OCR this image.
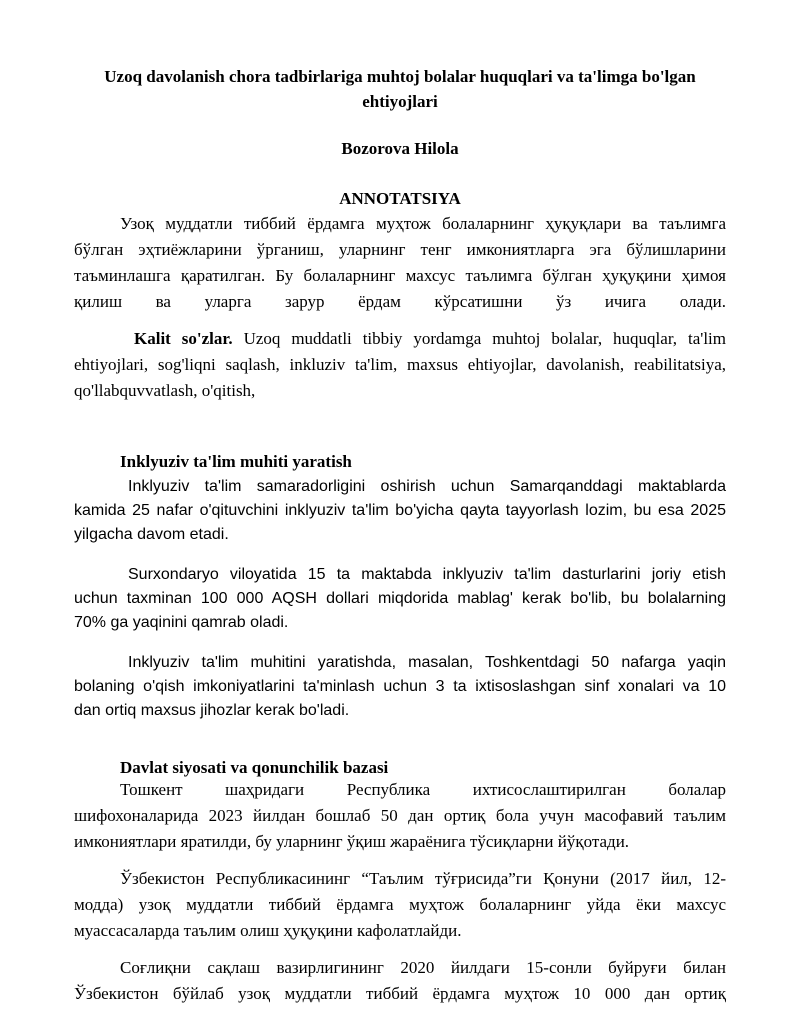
Uzoq davolanish chora tadbirlariga muhtoj bolalar huquqlari va ta'limga bo'lgan
ehtiyojlari

Bozorova Hilola

ANNOTATSIYA
Узоқ муддатли тиббий ёрдамга муҳтож болаларнинг ҳуқуқлари ва таълимга
бўлган эҳтиёжларини ўрганиш, уларнинг тенг имкониятларга эга бўлишларини
таъминлашга қаратилган. Бу болаларнинг махсус таълимга бўлган ҳуқуқини ҳимоя
қилиш ва уларга зарур ёрдам кўрсатишни ўз ичига олади.
Kalit so'zlar. Uzoq muddatli tibbiy yordamga muhtoj bolalar, huquqlar, ta'lim
ehtiyojlari, sog'liqni saqlash, inkluziv ta'lim, maxsus ehtiyojlar, davolanish, reabilitatsiya,
qo'llabquvvatlash, o'qitish,
Inklyuziv ta'lim muhiti yaratish
Inklyuziv ta'lim samaradorligini oshirish uchun Samarqanddagi maktablarda
kamida 25 nafar o'qituvchini inklyuziv ta'lim bo'yicha qayta tayyorlash lozim, bu esa 2025
yilgacha davom etadi.
Surxondaryo viloyatida 15 ta maktabda inklyuziv ta'lim dasturlarini joriy etish
uchun taxminan 100 000 AQSH dollari miqdorida mablag' kerak bo'lib, bu bolalarning
70% ga yaqinini qamrab oladi.
Inklyuziv ta'lim muhitini yaratishda, masalan, Toshkentdagi 50 nafarga yaqin
bolaning o'qish imkoniyatlarini ta'minlash uchun 3 ta ixtisoslashgan sinf xonalari va 10
dan ortiq maxsus jihozlar kerak bo'ladi.
Davlat siyosati va qonunchilik bazasi
Тошкент шаҳридаги Республика ихтисослаштирилган болалар
шифохоналарида 2023 йилдан бошлаб 50 дан ортиқ бола учун масофавий таълим
имкониятлари яратилди, бу уларнинг ўқиш жараёнига тўсиқларни йўқотади.
Ўзбекистон Республикасининг “Таълим тўғрисида”ги Қонуни (2017 йил, 12-
модда) узоқ муддатли тиббий ёрдамга муҳтож болаларнинг уйда ёки махсус
муассасаларда таълим олиш ҳуқуқини кафолатлайди.
Соғлиқни сақлаш вазирлигининг 2020 йилдаги 15-сонли буйруғи билан
Ўзбекистон бўйлаб узоқ муддатли тиббий ёрдамга муҳтож 10 000 дан ортиқ
